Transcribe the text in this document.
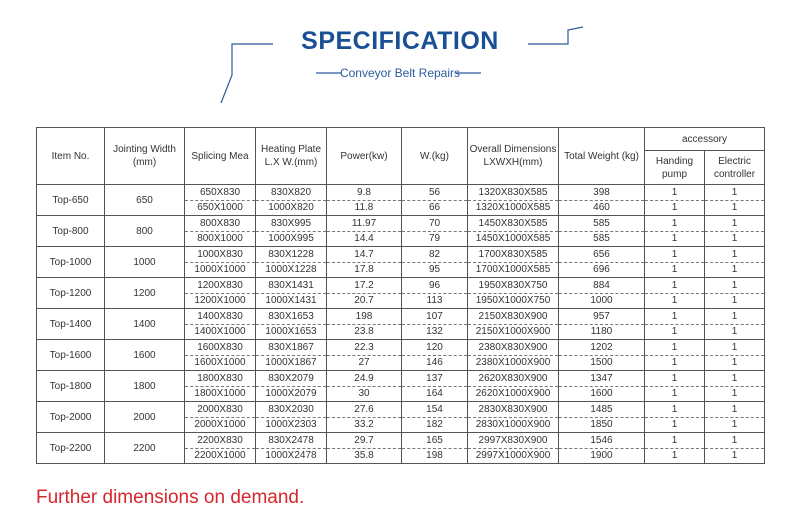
SPECIFICATION
Conveyor Belt Repairs
Item No.	Jointing Width (mm)	Splicing Mea	Heating Plate L.X W.(mm)	Power(kw)	W.(kg)	Overall Dimensions LXWXH(mm)	Total Weight (kg)	accessory	
								Handing pump	Electric controller
Top-650	650	650X830	830X820	9.8	56	1320X830X585	398	1	1
		650X1000	1000X820	11.8	66	1320X1000X585	460	1	1
Top-800	800	800X830	830X995	11.97	70	1450X830X585	585	1	1
		800X1000	1000X995	14.4	79	1450X1000X585	585	1	1
Top-1000	1000	1000X830	830X1228	14.7	82	1700X830X585	656	1	1
		1000X1000	1000X1228	17.8	95	1700X1000X585	696	1	1
Top-1200	1200	1200X830	830X1431	17.2	96	1950X830X750	884	1	1
		1200X1000	1000X1431	20.7	113	1950X1000X750	1000	1	1
Top-1400	1400	1400X830	830X1653	198	107	2150X830X900	957	1	1
		1400X1000	1000X1653	23.8	132	2150X1000X900	1180	1	1
Top-1600	1600	1600X830	830X1867	22.3	120	2380X830X900	1202	1	1
		1600X1000	1000X1867	27	146	2380X1000X900	1500	1	1
Top-1800	1800	1800X830	830X2079	24.9	137	2620X830X900	1347	1	1
		1800X1000	1000X2079	30	164	2620X1000X900	1600	1	1
Top-2000	2000	2000X830	830X2030	27.6	154	2830X830X900	1485	1	1
		2000X1000	1000X2303	33.2	182	2830X1000X900	1850	1	1
Top-2200	2200	2200X830	830X2478	29.7	165	2997X830X900	1546	1	1
		2200X1000	1000X2478	35.8	198	2997X1000X900	1900	1	1
Further dimensions on demand.
